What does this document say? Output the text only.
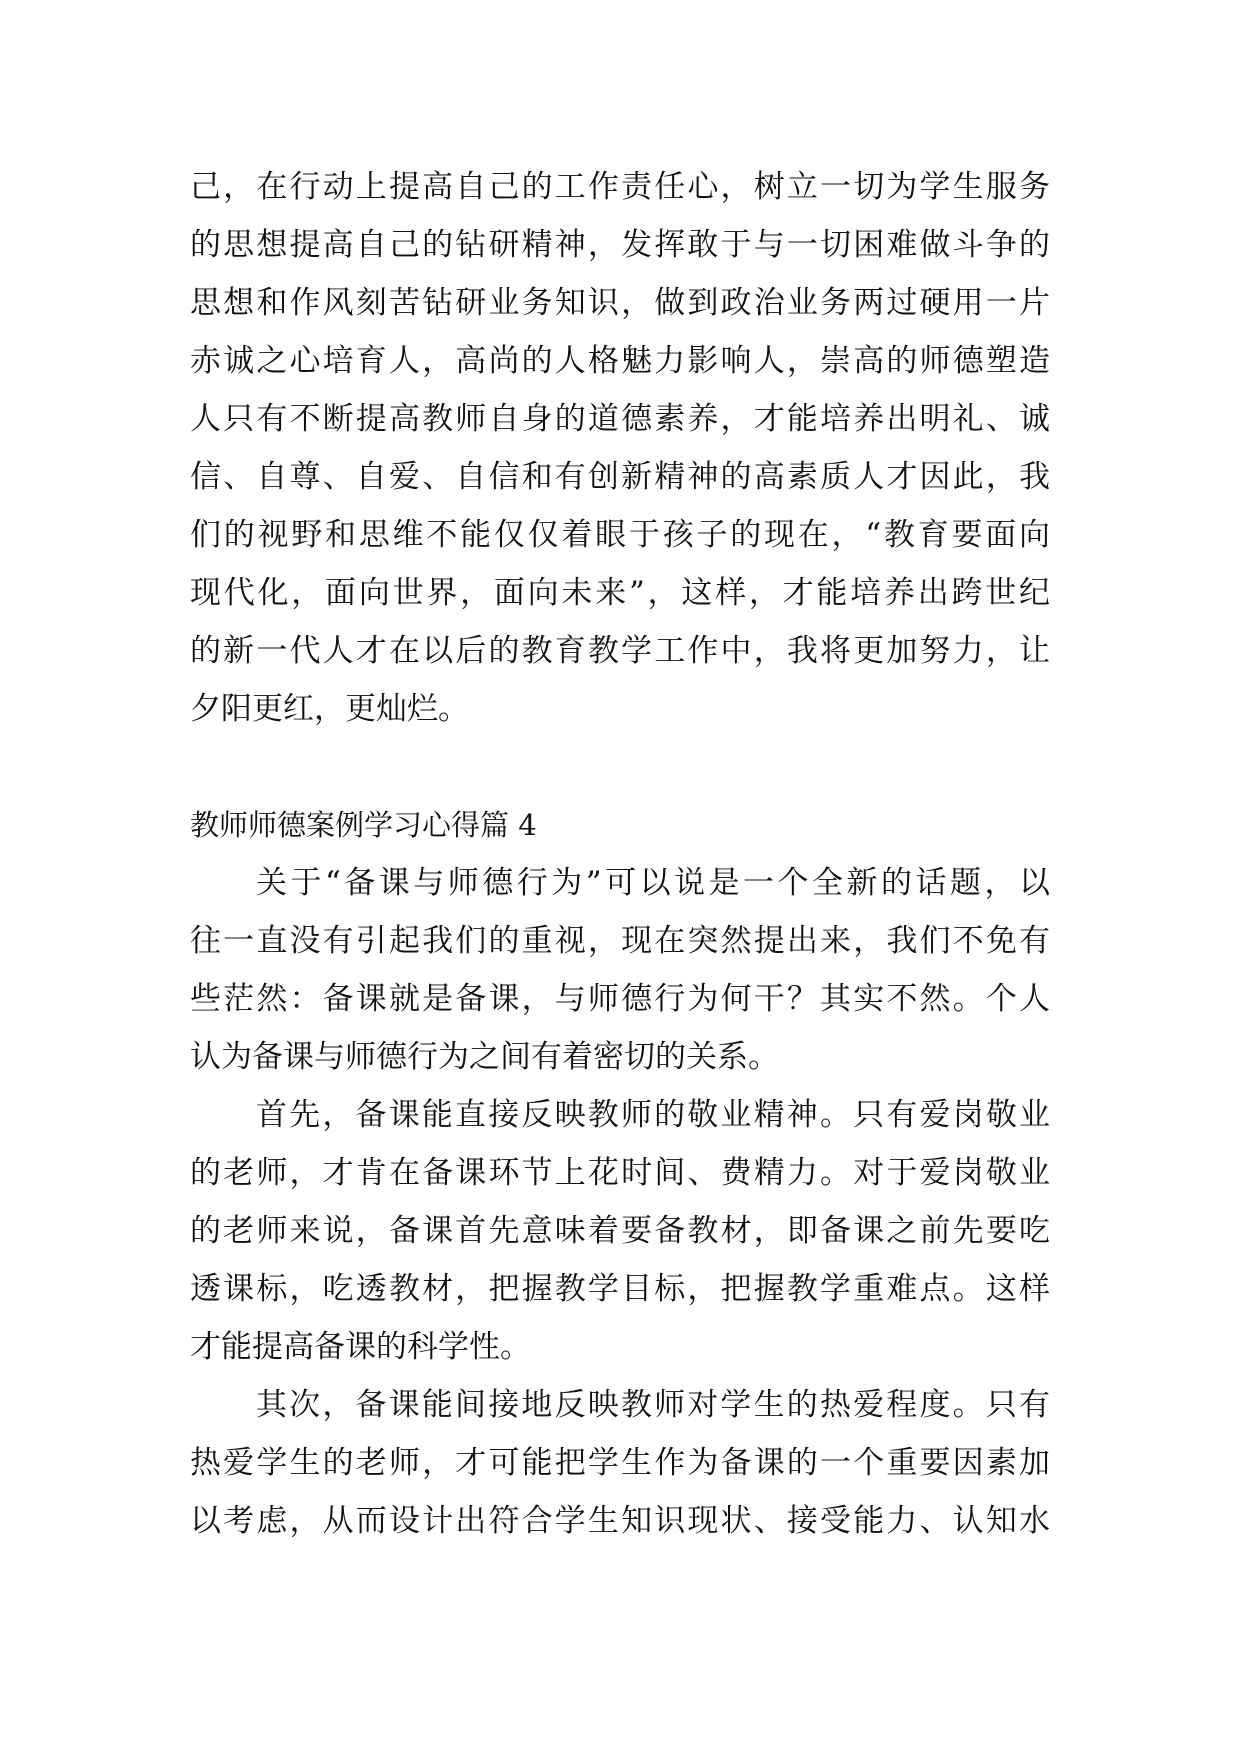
己，在行动上提高自己的工作责任心，树立一切为学生服务
的思想提高自己的钻研精神，发挥敢于与一切困难做斗争的
思想和作风刻苦钻研业务知识，做到政治业务两过硬用一片
赤诚之心培育人，高尚的人格魅力影响人，崇高的师德塑造
人只有不断提高教师自身的道德素养，才能培养出明礼、诚
信、自尊、自爱、自信和有创新精神的高素质人才因此，我
们的视野和思维不能仅仅着眼于孩子的现在，“教育要面向
现代化，面向世界，面向未来”，这样，才能培养出跨世纪
的新一代人才在以后的教育教学工作中，我将更加努力，让
夕阳更红，更灿烂。
教师师德案例学习心得篇 4
关于“备课与师德行为”可以说是一个全新的话题，以
往一直没有引起我们的重视，现在突然提出来，我们不免有
些茫然：备课就是备课，与师德行为何干？其实不然。个人
认为备课与师德行为之间有着密切的关系。
首先，备课能直接反映教师的敬业精神。只有爱岗敬业
的老师，才肯在备课环节上花时间、费精力。对于爱岗敬业
的老师来说，备课首先意味着要备教材，即备课之前先要吃
透课标，吃透教材，把握教学目标，把握教学重难点。这样
才能提高备课的科学性。
其次，备课能间接地反映教师对学生的热爱程度。只有
热爱学生的老师，才可能把学生作为备课的一个重要因素加
以考虑，从而设计出符合学生知识现状、接受能力、认知水
